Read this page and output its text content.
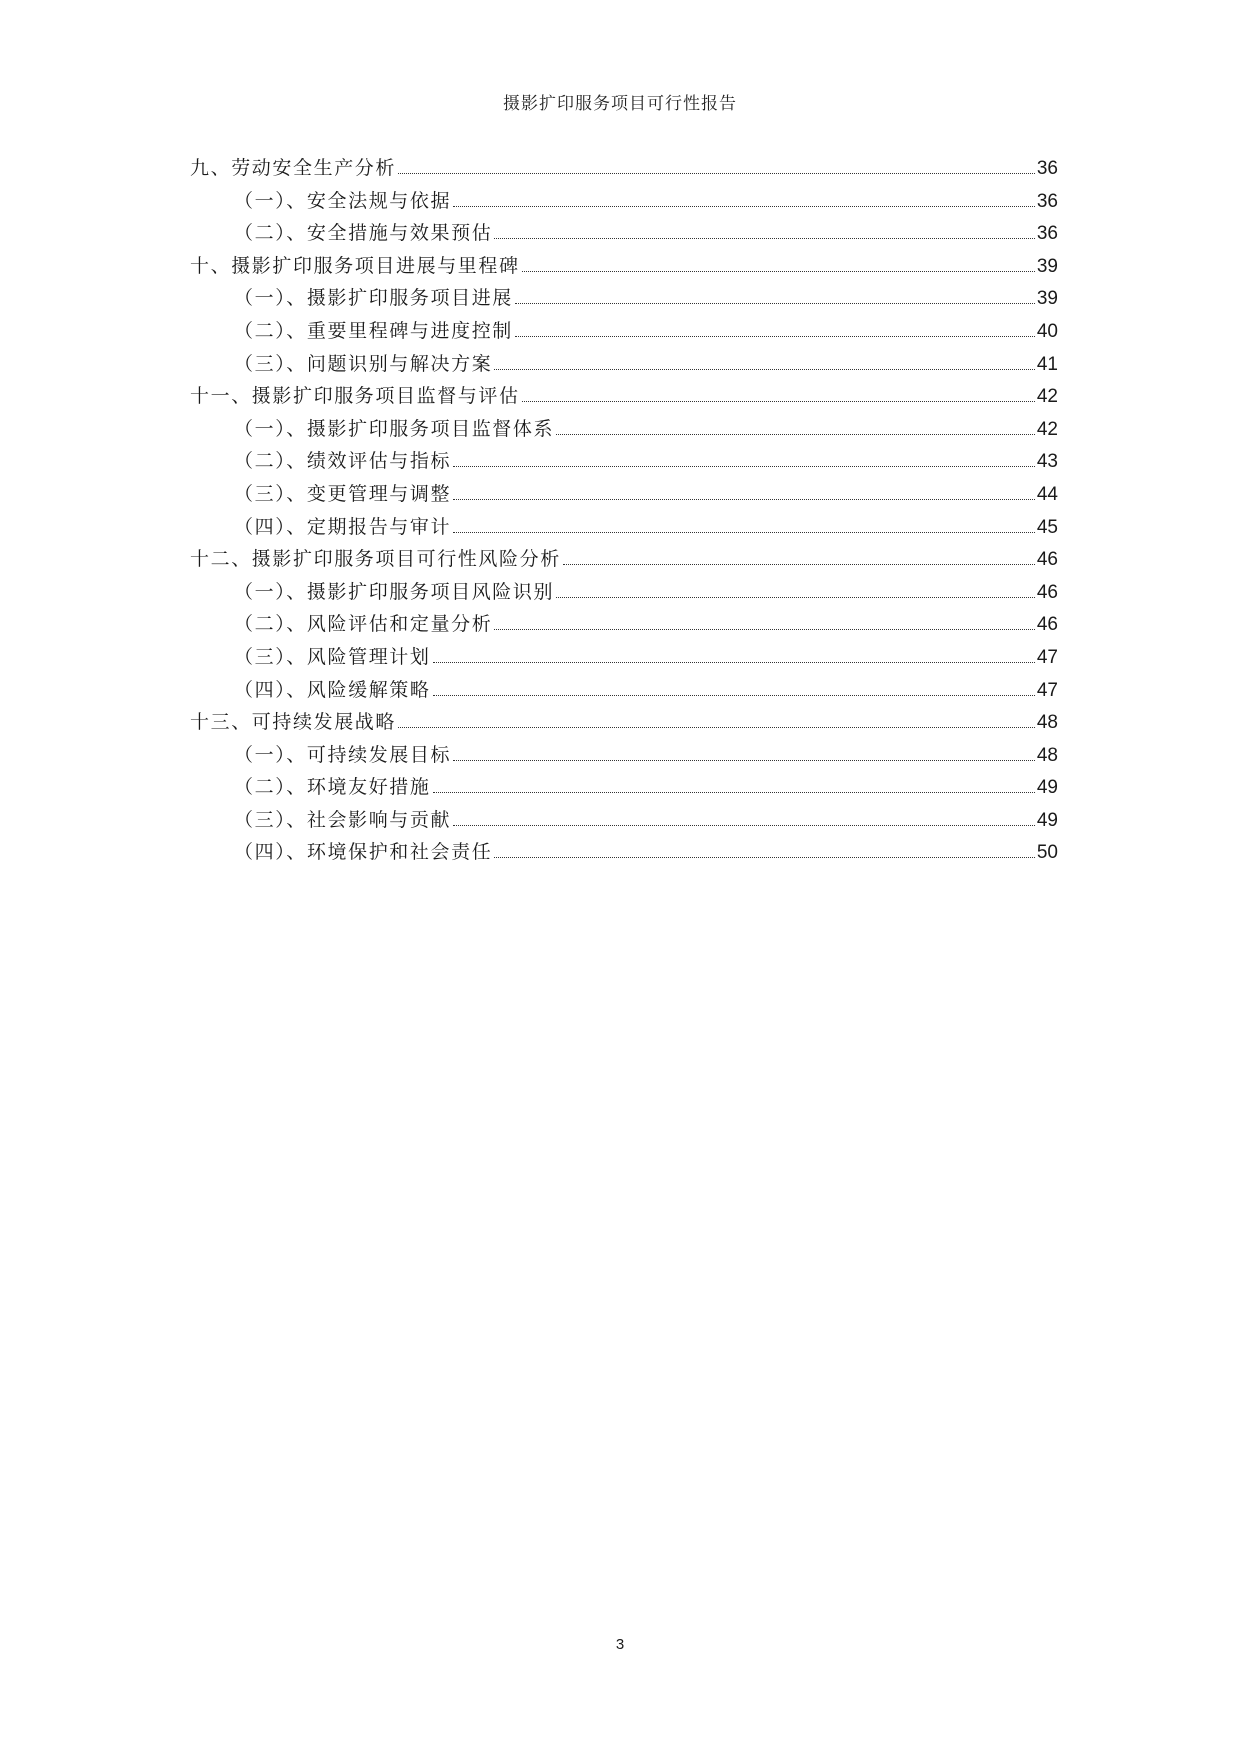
摄影扩印服务项目可行性报告
九、劳动安全生产分析	36
（一）、安全法规与依据	36
（二）、安全措施与效果预估	36
十、摄影扩印服务项目进展与里程碑	39
（一）、摄影扩印服务项目进展	39
（二）、重要里程碑与进度控制	40
（三）、问题识别与解决方案	41
十一、摄影扩印服务项目监督与评估	42
（一）、摄影扩印服务项目监督体系	42
（二）、绩效评估与指标	43
（三）、变更管理与调整	44
（四）、定期报告与审计	45
十二、摄影扩印服务项目可行性风险分析	46
（一）、摄影扩印服务项目风险识别	46
（二）、风险评估和定量分析	46
（三）、风险管理计划	47
（四）、风险缓解策略	47
十三、可持续发展战略	48
（一）、可持续发展目标	48
（二）、环境友好措施	49
（三）、社会影响与贡献	49
（四）、环境保护和社会责任	50
3
